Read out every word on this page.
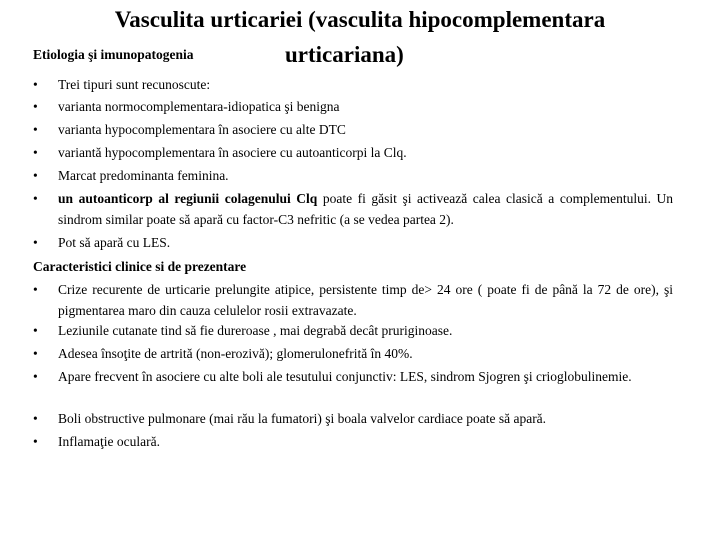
Vasculita urticariei (vasculita hipocomplementara
urticariana)
Etiologia şi imunopatogenia
•	Trei tipuri sunt recunoscute:
•	varianta normocomplementara-idiopatica şi benigna
•	varianta hypocomplementara în asociere cu alte DTC
•	variantă hypocomplementara în asociere cu autoanticorpi la Clq.
•	Marcat predominanta feminina.
•	un autoanticorp al regiunii colagenului Clq poate fi găsit şi activează calea clasică a complementului. Un sindrom similar poate să apară cu factor-C3 nefritic (a se vedea partea 2).
•	Pot să apară cu LES.
Caracteristici clinice si de prezentare
•	Crize recurente de urticarie prelungite atipice, persistente timp de> 24 ore ( poate fi de până la 72 de ore), şi pigmentarea maro din cauza celulelor rosii extravazate.
•	Leziunile cutanate tind să fie dureroase , mai degrabă decât pruriginoase.
•	Adesea însoţite de artrită (non-erozivă); glomerulonefrită în 40%.
•	Apare frecvent în asociere cu alte boli ale tesutului conjunctiv: LES, sindrom Sjogren şi crioglobulinemie.
•	Boli obstructive pulmonare (mai rău la fumatori) şi boala valvelor cardiace poate să apară.
•	Inflamaţie oculară.
